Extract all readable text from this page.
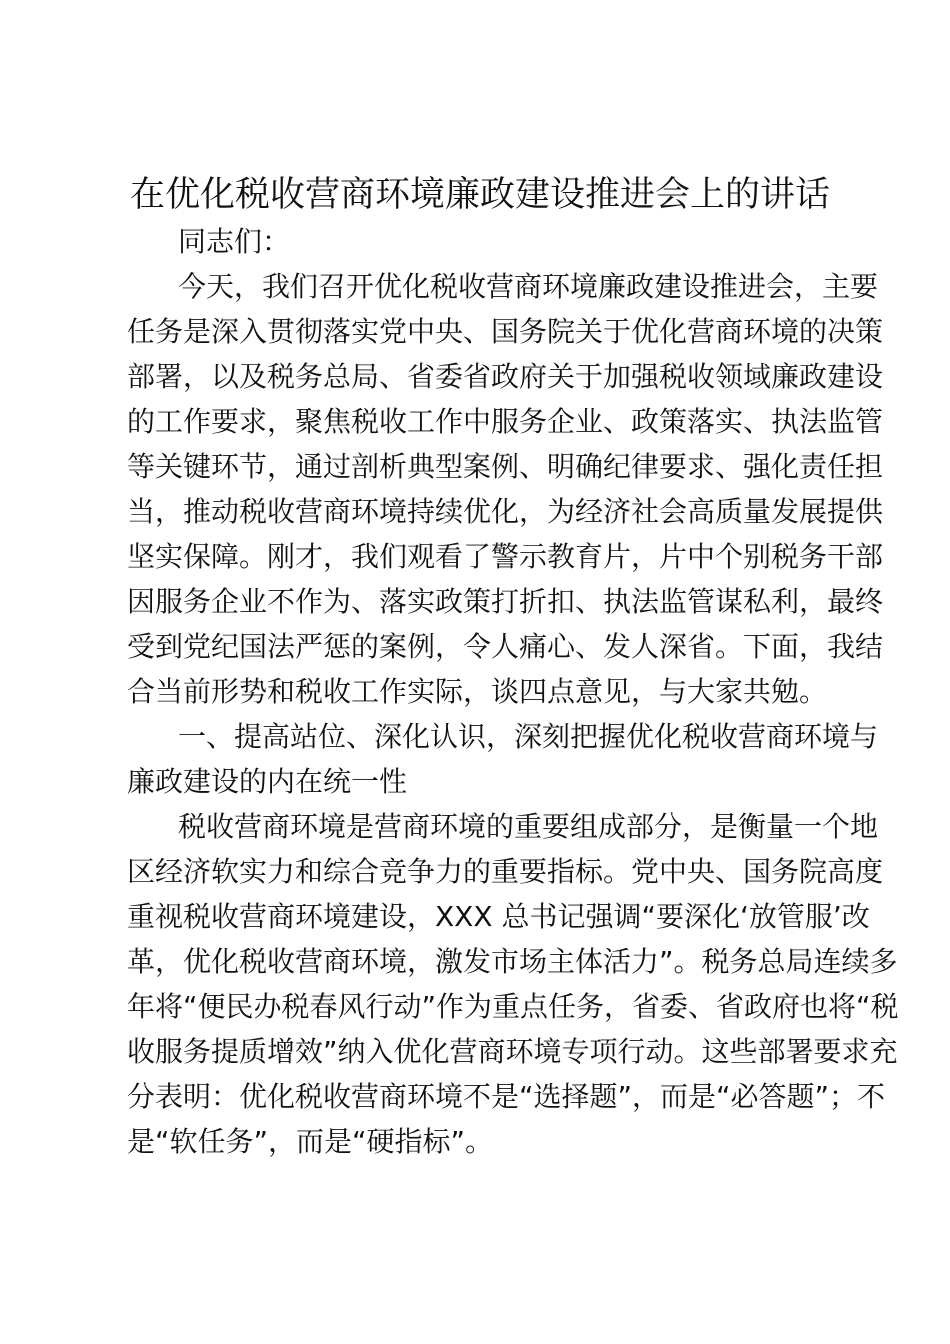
在优化税收营商环境廉政建设推进会上的讲话
同志们：
今天，我们召开优化税收营商环境廉政建设推进会，主要
任务是深入贯彻落实党中央、国务院关于优化营商环境的决策
部署，以及税务总局、省委省政府关于加强税收领域廉政建设
的工作要求，聚焦税收工作中服务企业、政策落实、执法监管
等关键环节，通过剖析典型案例、明确纪律要求、强化责任担
当，推动税收营商环境持续优化，为经济社会高质量发展提供
坚实保障。刚才，我们观看了警示教育片，片中个别税务干部
因服务企业不作为、落实政策打折扣、执法监管谋私利，最终
受到党纪国法严惩的案例，令人痛心、发人深省。下面，我结
合当前形势和税收工作实际，谈四点意见，与大家共勉。
一、提高站位、深化认识，深刻把握优化税收营商环境与
廉政建设的内在统一性
税收营商环境是营商环境的重要组成部分，是衡量一个地
区经济软实力和综合竞争力的重要指标。党中央、国务院高度
重视税收营商环境建设，XXX 总书记强调“要深化‘放管服’改
革，优化税收营商环境，激发市场主体活力”。税务总局连续多
年将“便民办税春风行动”作为重点任务，省委、省政府也将“税
收服务提质增效”纳入优化营商环境专项行动。这些部署要求充
分表明：优化税收营商环境不是“选择题”，而是“必答题”；不
是“软任务”，而是“硬指标”。
